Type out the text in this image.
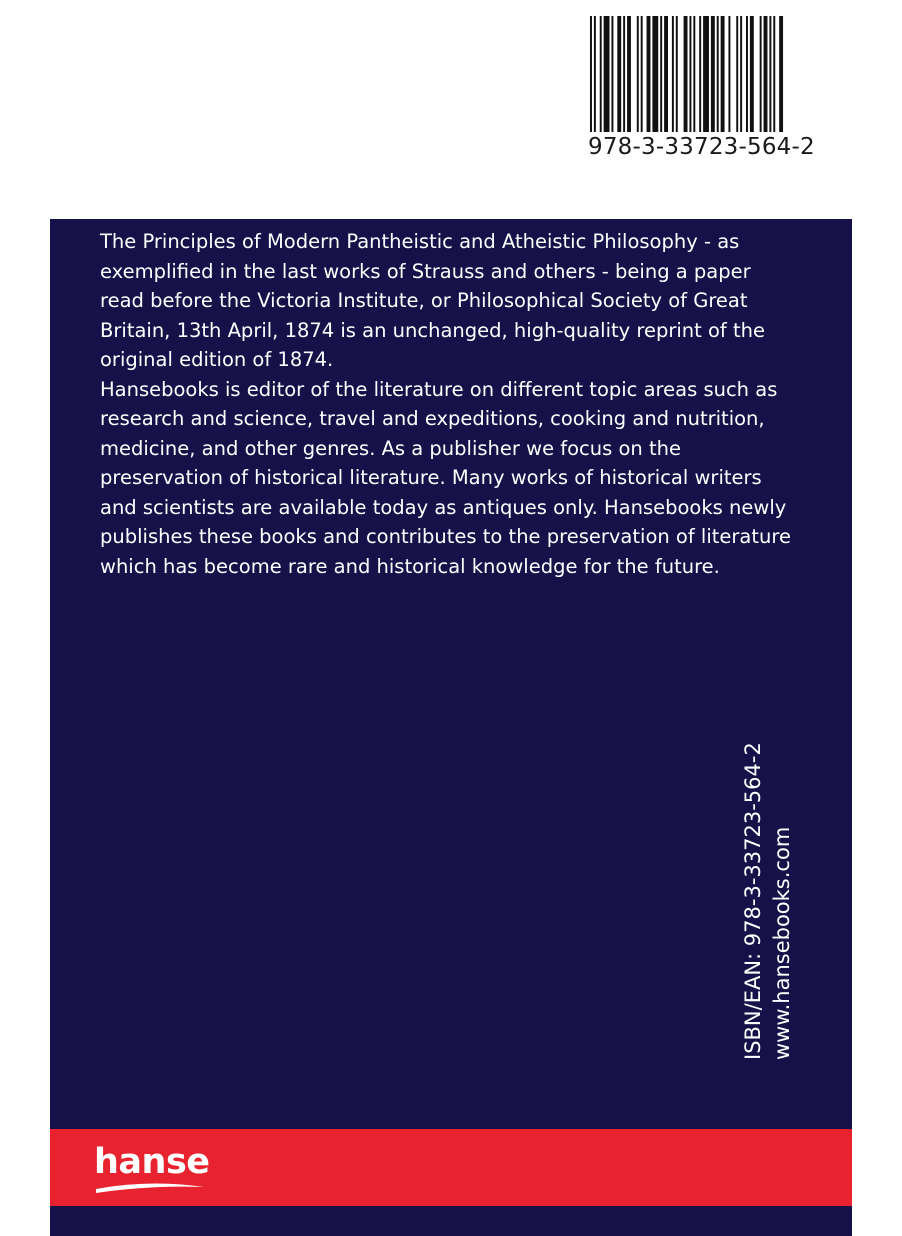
978-3-33723-564-2

The Principles of Modern Pantheistic and Atheistic Philosophy - as exemplified in the last works of Strauss and others - being a paper read before the Victoria Institute, or Philosophical Society of Great Britain, 13th April, 1874 is an unchanged, high-quality reprint of the original edition of 1874.

Hansebooks is editor of the literature on different topic areas such as research and science, travel and expeditions, cooking and nutrition, medicine, and other genres. As a publisher we focus on the preservation of historical literature. Many works of historical writers and scientists are available today as antiques only. Hansebooks newly publishes these books and contributes to the preservation of literature which has become rare and historical knowledge for the future.

ISBN/EAN: 978-3-33723-564-2 www.hansebooks.com
hanse
